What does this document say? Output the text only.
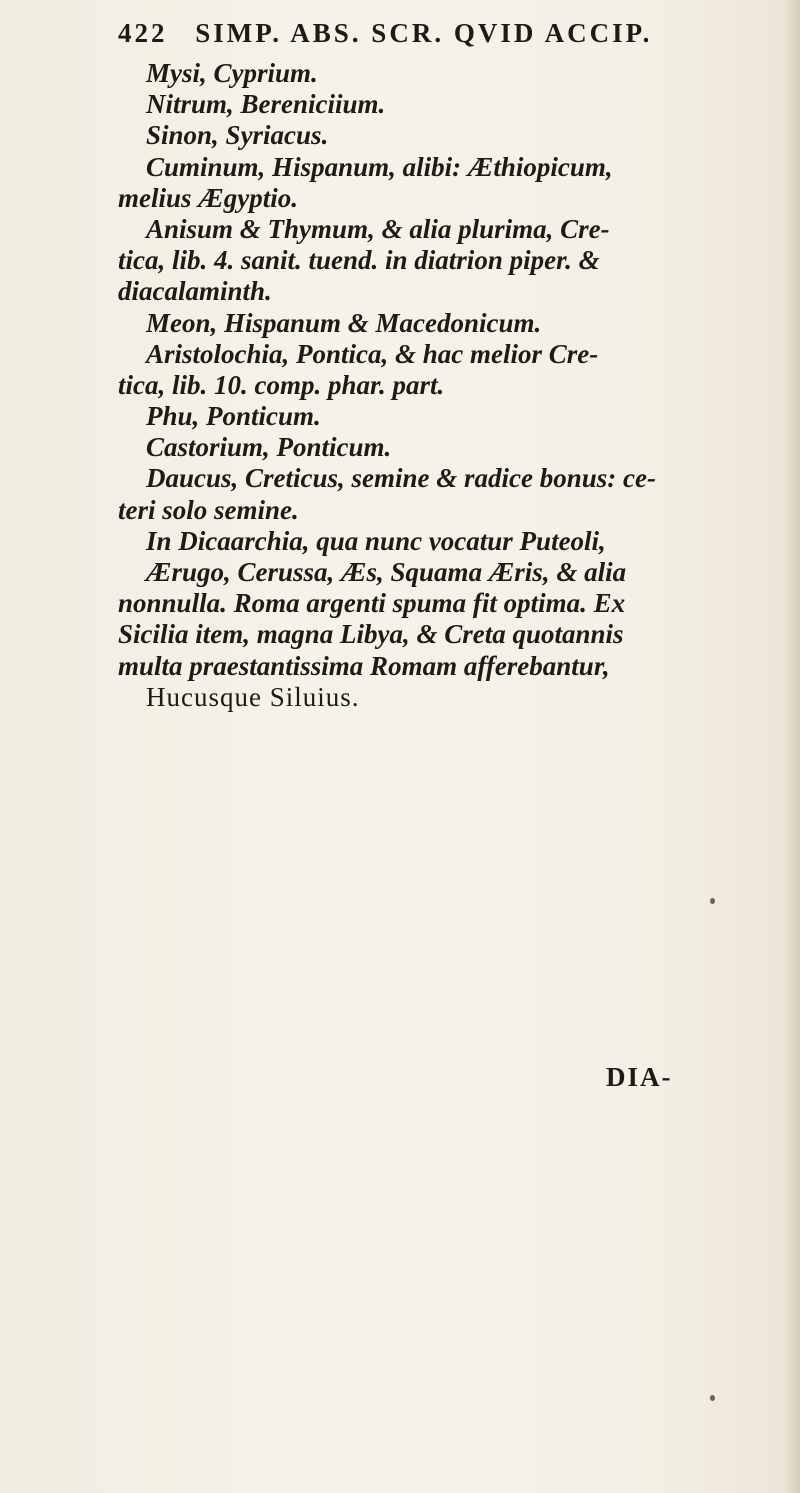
422 SIMP. ABS. SCR. QVID ACCIP.
Mysi, Cyprium.
Nitrum, Bereniciium.
Sinon, Syriacus.
Cuminum, Hispanum, alibi: Æthiopicum,
melius Ægyptio.
Anisum & Thymum, & alia plurima, Cre-
tica, lib. 4. sanit. tuend. in diatrion piper. &
diacalaminth.
Meon, Hispanum & Macedonicum.
Aristolochia, Pontica, & hac melior Cre-
tica, lib. 10. comp. phar. part.
Phu, Ponticum.
Castorium, Ponticum.
Daucus, Creticus, semine & radice bonus: ce-
teri solo semine.
In Dicaarchia, qua nunc vocatur Puteoli,
Ærugo, Cerussa, Æs, Squama Æris, & alia
nonnulla. Roma argenti spuma fit optima. Ex
Sicilia item, magna Libya, & Creta quotannis
multa praestantissima Romam afferebantur,
Hucusque Siluius.
DIA-
